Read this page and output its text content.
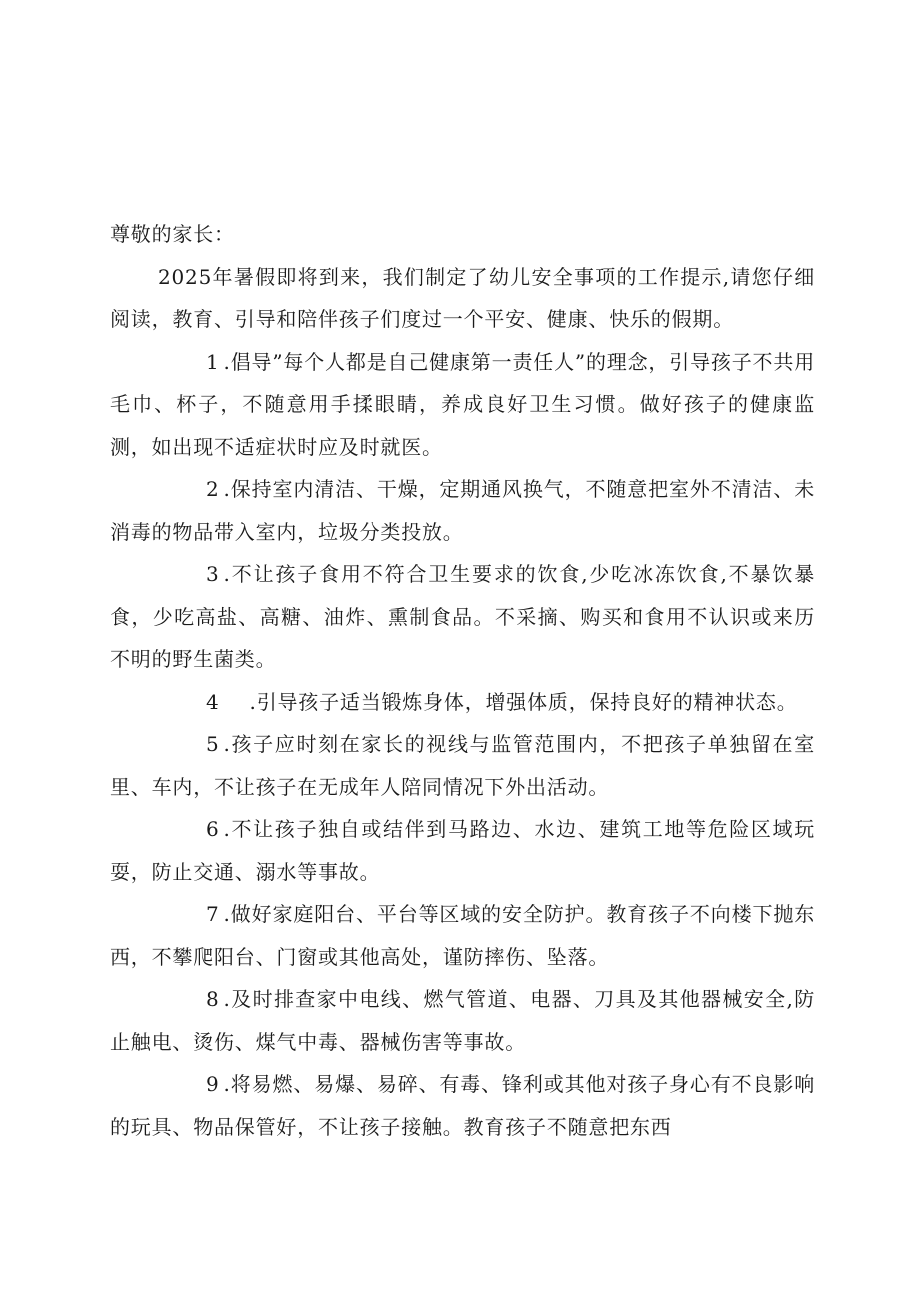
尊敬的家长：

2025年暑假即将到来，我们制定了幼儿安全事项的工作提示,请您仔细阅读，教育、引导和陪伴孩子们度过一个平安、健康、快乐的假期。

1 .倡导”每个人都是自己健康第一责任人”的理念，引导孩子不共用毛巾、杯子，不随意用手揉眼睛，养成良好卫生习惯。做好孩子的健康监测，如出现不适症状时应及时就医。

2 .保持室内清洁、干燥，定期通风换气，不随意把室外不清洁、未消毒的物品带入室内，垃圾分类投放。

3 .不让孩子食用不符合卫生要求的饮食,少吃冰冻饮食,不暴饮暴食，少吃高盐、高糖、油炸、熏制食品。不采摘、购买和食用不认识或来历不明的野生菌类。

4 .引导孩子适当锻炼身体，增强体质，保持良好的精神状态。

5 .孩子应时刻在家长的视线与监管范围内，不把孩子单独留在室里、车内，不让孩子在无成年人陪同情况下外出活动。

6 .不让孩子独自或结伴到马路边、水边、建筑工地等危险区域玩耍，防止交通、溺水等事故。

7 .做好家庭阳台、平台等区域的安全防护。教育孩子不向楼下抛东西，不攀爬阳台、门窗或其他高处，谨防摔伤、坠落。

8 .及时排查家中电线、燃气管道、电器、刀具及其他器械安全,防止触电、烫伤、煤气中毒、器械伤害等事故。

9 .将易燃、易爆、易碎、有毒、锋利或其他对孩子身心有不良影响的玩具、物品保管好，不让孩子接触。教育孩子不随意把东西
